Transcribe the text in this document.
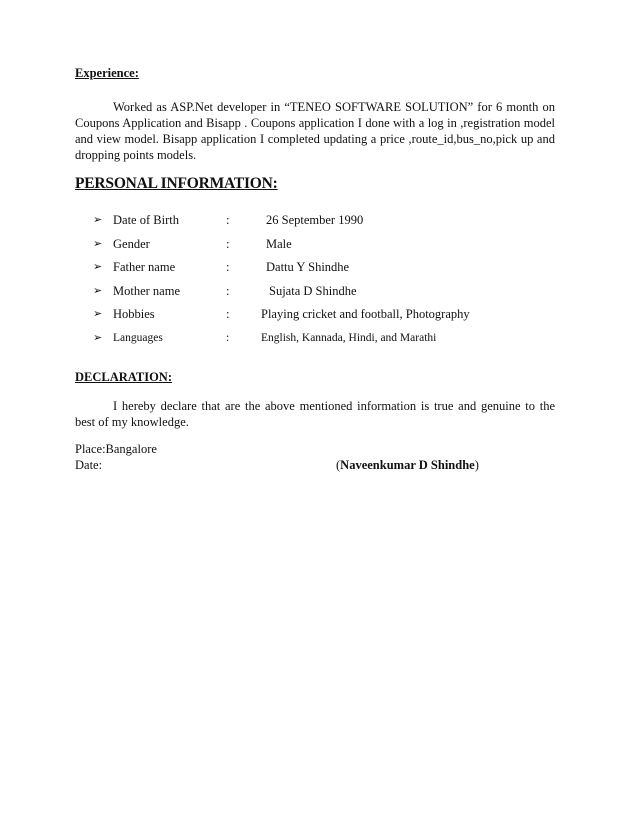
Experience:

Worked as ASP.Net developer in “TENEO SOFTWARE SOLUTION” for 6 month on Coupons Application and Bisapp . Coupons application I done with a log in ,registration model and view model. Bisapp application I completed updating a price ,route_id,bus_no,pick up and dropping points models.

PERSONAL INFORMATION:
➢ Date of Birth	:	26 September 1990
➢ Gender	:	Male
➢ Father name	:	Dattu Y Shindhe
➢ Mother name	:	Sujata D Shindhe
➢ Hobbies	:	Playing cricket and football, Photography
➢ Languages	:	English, Kannada, Hindi, and Marathi
DECLARATION:

I hereby declare that are the above mentioned information is true and genuine to the best of my knowledge.

Place:Bangalore
Date:	(Naveenkumar D Shindhe)
